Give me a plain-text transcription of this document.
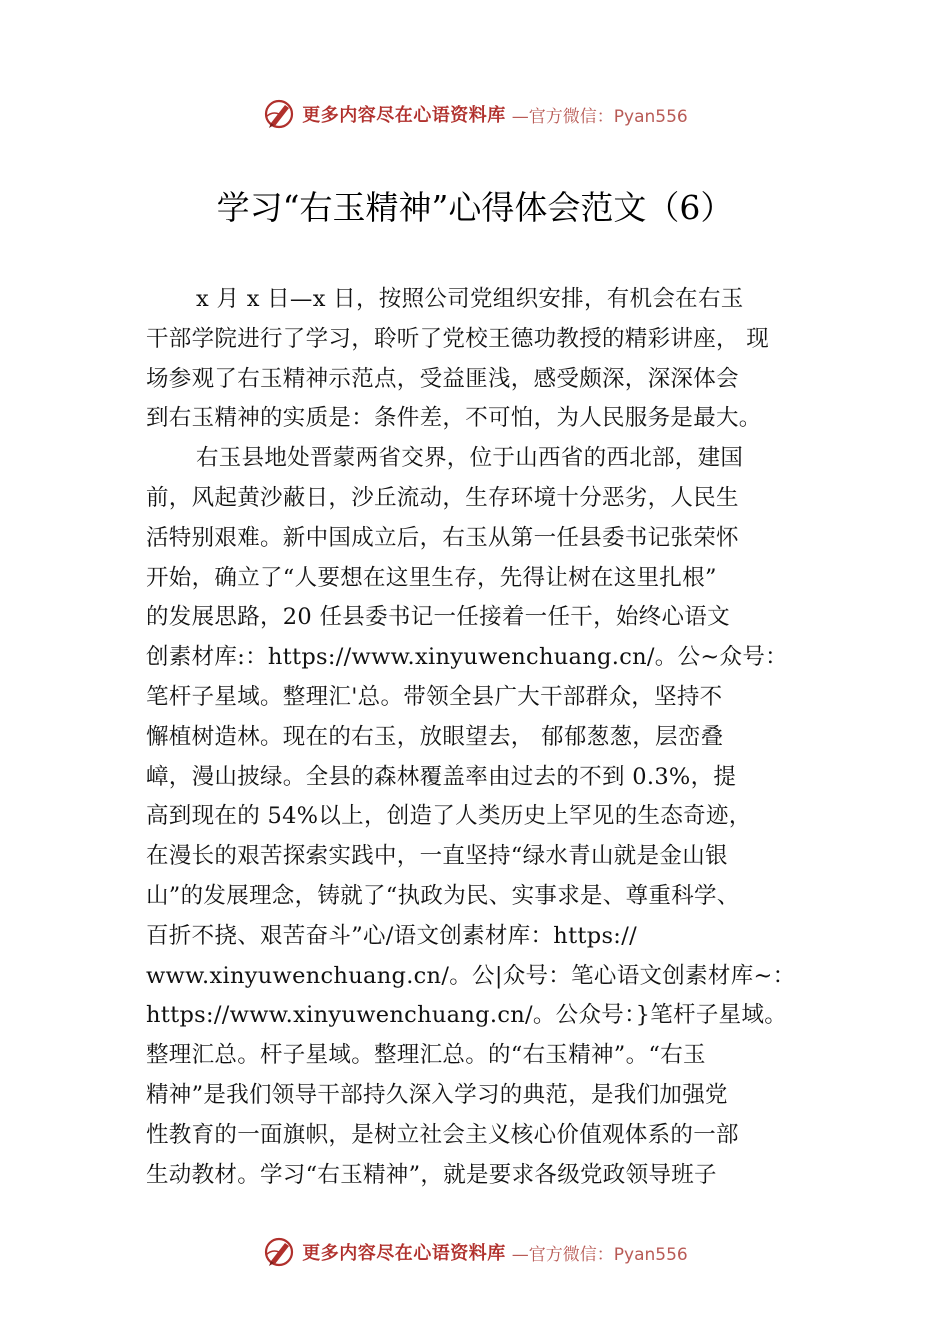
更多内容尽在心语资料库 —官方微信：Pyan556
学习“右玉精神”心得体会范文（6）
x 月 x 日—x 日，按照公司党组织安排，有机会在右玉
干部学院进行了学习，聆听了党校王德功教授的精彩讲座， 现
场参观了右玉精神示范点，受益匪浅，感受颇深，深深体会
到右玉精神的实质是：条件差，不可怕，为人民服务是最大。
右玉县地处晋蒙两省交界，位于山西省的西北部，建国
前，风起黄沙蔽日，沙丘流动，生存环境十分恶劣，人民生
活特别艰难。新中国成立后，右玉从第一任县委书记张荣怀
开始，确立了“人要想在这里生存，先得让树在这里扎根”
的发展思路，20 任县委书记一任接着一任干，始终心语文
创素材库:：https://www.xinyuwenchuang.cn/。公~众号：
笔杆子星域。整理汇'总。带领全县广大干部群众，坚持不
懈植树造林。现在的右玉，放眼望去， 郁郁葱葱，层峦叠
嶂，漫山披绿。全县的森林覆盖率由过去的不到 0.3%，提
高到现在的 54%以上，创造了人类历史上罕见的生态奇迹，
在漫长的艰苦探索实践中，一直坚持“绿水青山就是金山银
山”的发展理念，铸就了“执政为民、实事求是、尊重科学、
百折不挠、艰苦奋斗”心/语文创素材库：https://
www.xinyuwenchuang.cn/。公|众号：笔心语文创素材库~：
https://www.xinyuwenchuang.cn/。公众号：}笔杆子星域。
整理汇总。杆子星域。整理汇总。的“右玉精神”。“右玉
精神”是我们领导干部持久深入学习的典范，是我们加强党
性教育的一面旗帜，是树立社会主义核心价值观体系的一部
生动教材。学习“右玉精神”，就是要求各级党政领导班子
更多内容尽在心语资料库 —官方微信：Pyan556
